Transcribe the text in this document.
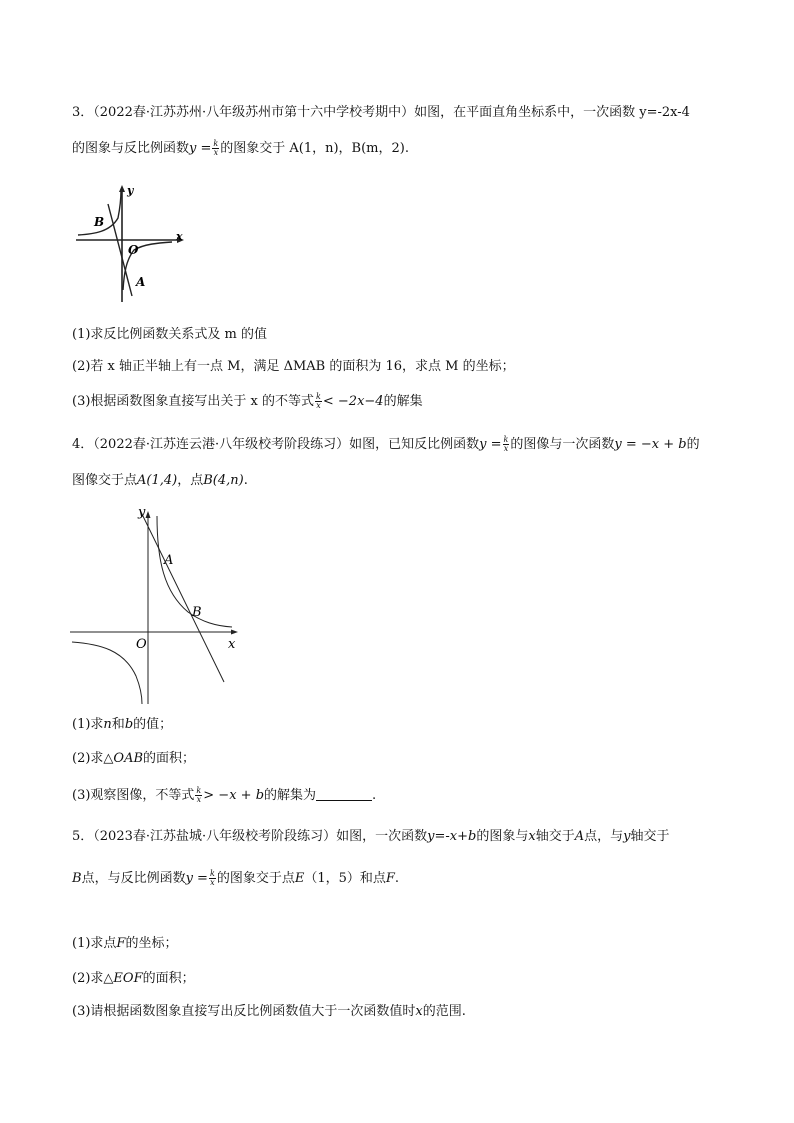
3．（2022春·江苏苏州·八年级苏州市第十六中学校考期中）如图，在平面直角坐标系中，一次函数 y=-2x-4
的图象与反比例函数$y = \frac{k}{x}$ 的图象交于 A(1，n)，B(m，2).
y
x
B
O
A
(1)求反比例函数关系式及 m 的值
(2)若 x 轴正半轴上有一点 M，满足 ΔMAB 的面积为 16，求点 M 的坐标；
(3)根据函数图象直接写出关于 x 的不等式 $\frac{k}{x} < -2x-4$的解集
4．（2022春·江苏连云港·八年级校考阶段练习）如图，已知反比例函数$y = \frac{k}{x}$ 的图像与一次函数y = −x + b的
图像交于点A(1,4)，点B(4,n).
y
A
B
O	x
(1)求n和b的值；
(2)求△OAB的面积；
(3)观察图像，不等式 $\frac{k}{x} > -x + b$的解集为	.
5．（2023春·江苏盐城·八年级校考阶段练习）如图，一次函数y=-x+b的图象与x轴交于A点，与y轴交于
B点，与反比例函数$y = \frac{k}{x}$ 的图象交于点E（1，5）和点F.
(1)求点F的坐标；
(2)求△EOF的面积；
(3)请根据函数图象直接写出反比例函数值大于一次函数值时x的范围.
